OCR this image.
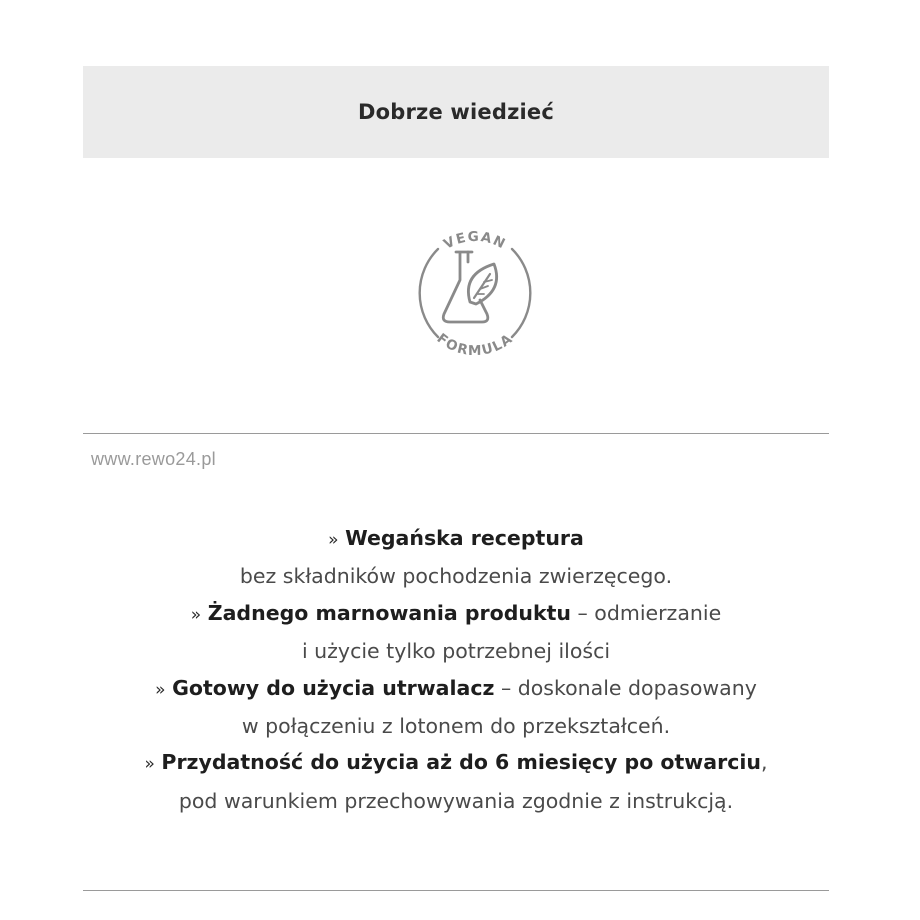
Dobrze wiedzieć
VEGAN
FORMULA
www.rewo24.pl
» Wegańska receptura
bez składników pochodzenia zwierzęcego.
» Żadnego marnowania produktu – odmierzanie
i użycie tylko potrzebnej ilości
» Gotowy do użycia utrwalacz – doskonale dopasowany
w połączeniu z lotonem do przekształceń.
» Przydatność do użycia aż do 6 miesięcy po otwarciu,
pod warunkiem przechowywania zgodnie z instrukcją.
